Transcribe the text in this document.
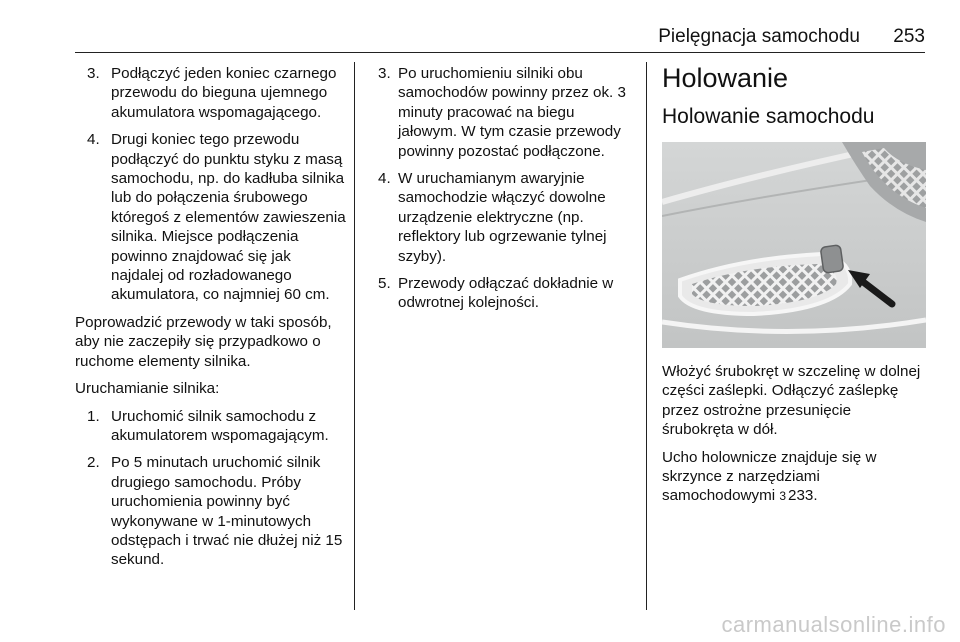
Pielęgnacja samochodu 253
3. Podłączyć jeden koniec czarnego przewodu do bieguna ujemnego akumulatora wspomagającego.
4. Drugi koniec tego przewodu podłączyć do punktu styku z masą samochodu, np. do kadłuba silnika lub do połączenia śrubowego któregoś z elementów zawieszenia silnika. Miejsce podłączenia powinno znajdować się jak najdalej od rozładowanego akumulatora, co najmniej 60 cm.

Poprowadzić przewody w taki sposób, aby nie zaczepiły się przypadkowo o ruchome elementy silnika.

Uruchamianie silnika:

1. Uruchomić silnik samochodu z akumulatorem wspomagającym.
2. Po 5 minutach uruchomić silnik drugiego samochodu. Próby uruchomienia powinny być wykonywane w 1-minutowych odstępach i trwać nie dłużej niż 15 sekund.
3. Po uruchomieniu silniki obu samochodów powinny przez ok. 3 minuty pracować na biegu jałowym. W tym czasie przewody powinny pozostać podłączone.
4. W uruchamianym awaryjnie samochodzie włączyć dowolne urządzenie elektryczne (np. reflektory lub ogrzewanie tylnej szyby).
5. Przewody odłączać dokładnie w odwrotnej kolejności.
Holowanie
Holowanie samochodu

Włożyć śrubokręt w szczelinę w dolnej części zaślepki. Odłączyć zaślepkę przez ostrożne przesunięcie śrubokręta w dół.

Ucho holownicze znajduje się w skrzynce z narzędziami samochodowymi 3 233.

carmanualsonline.info
